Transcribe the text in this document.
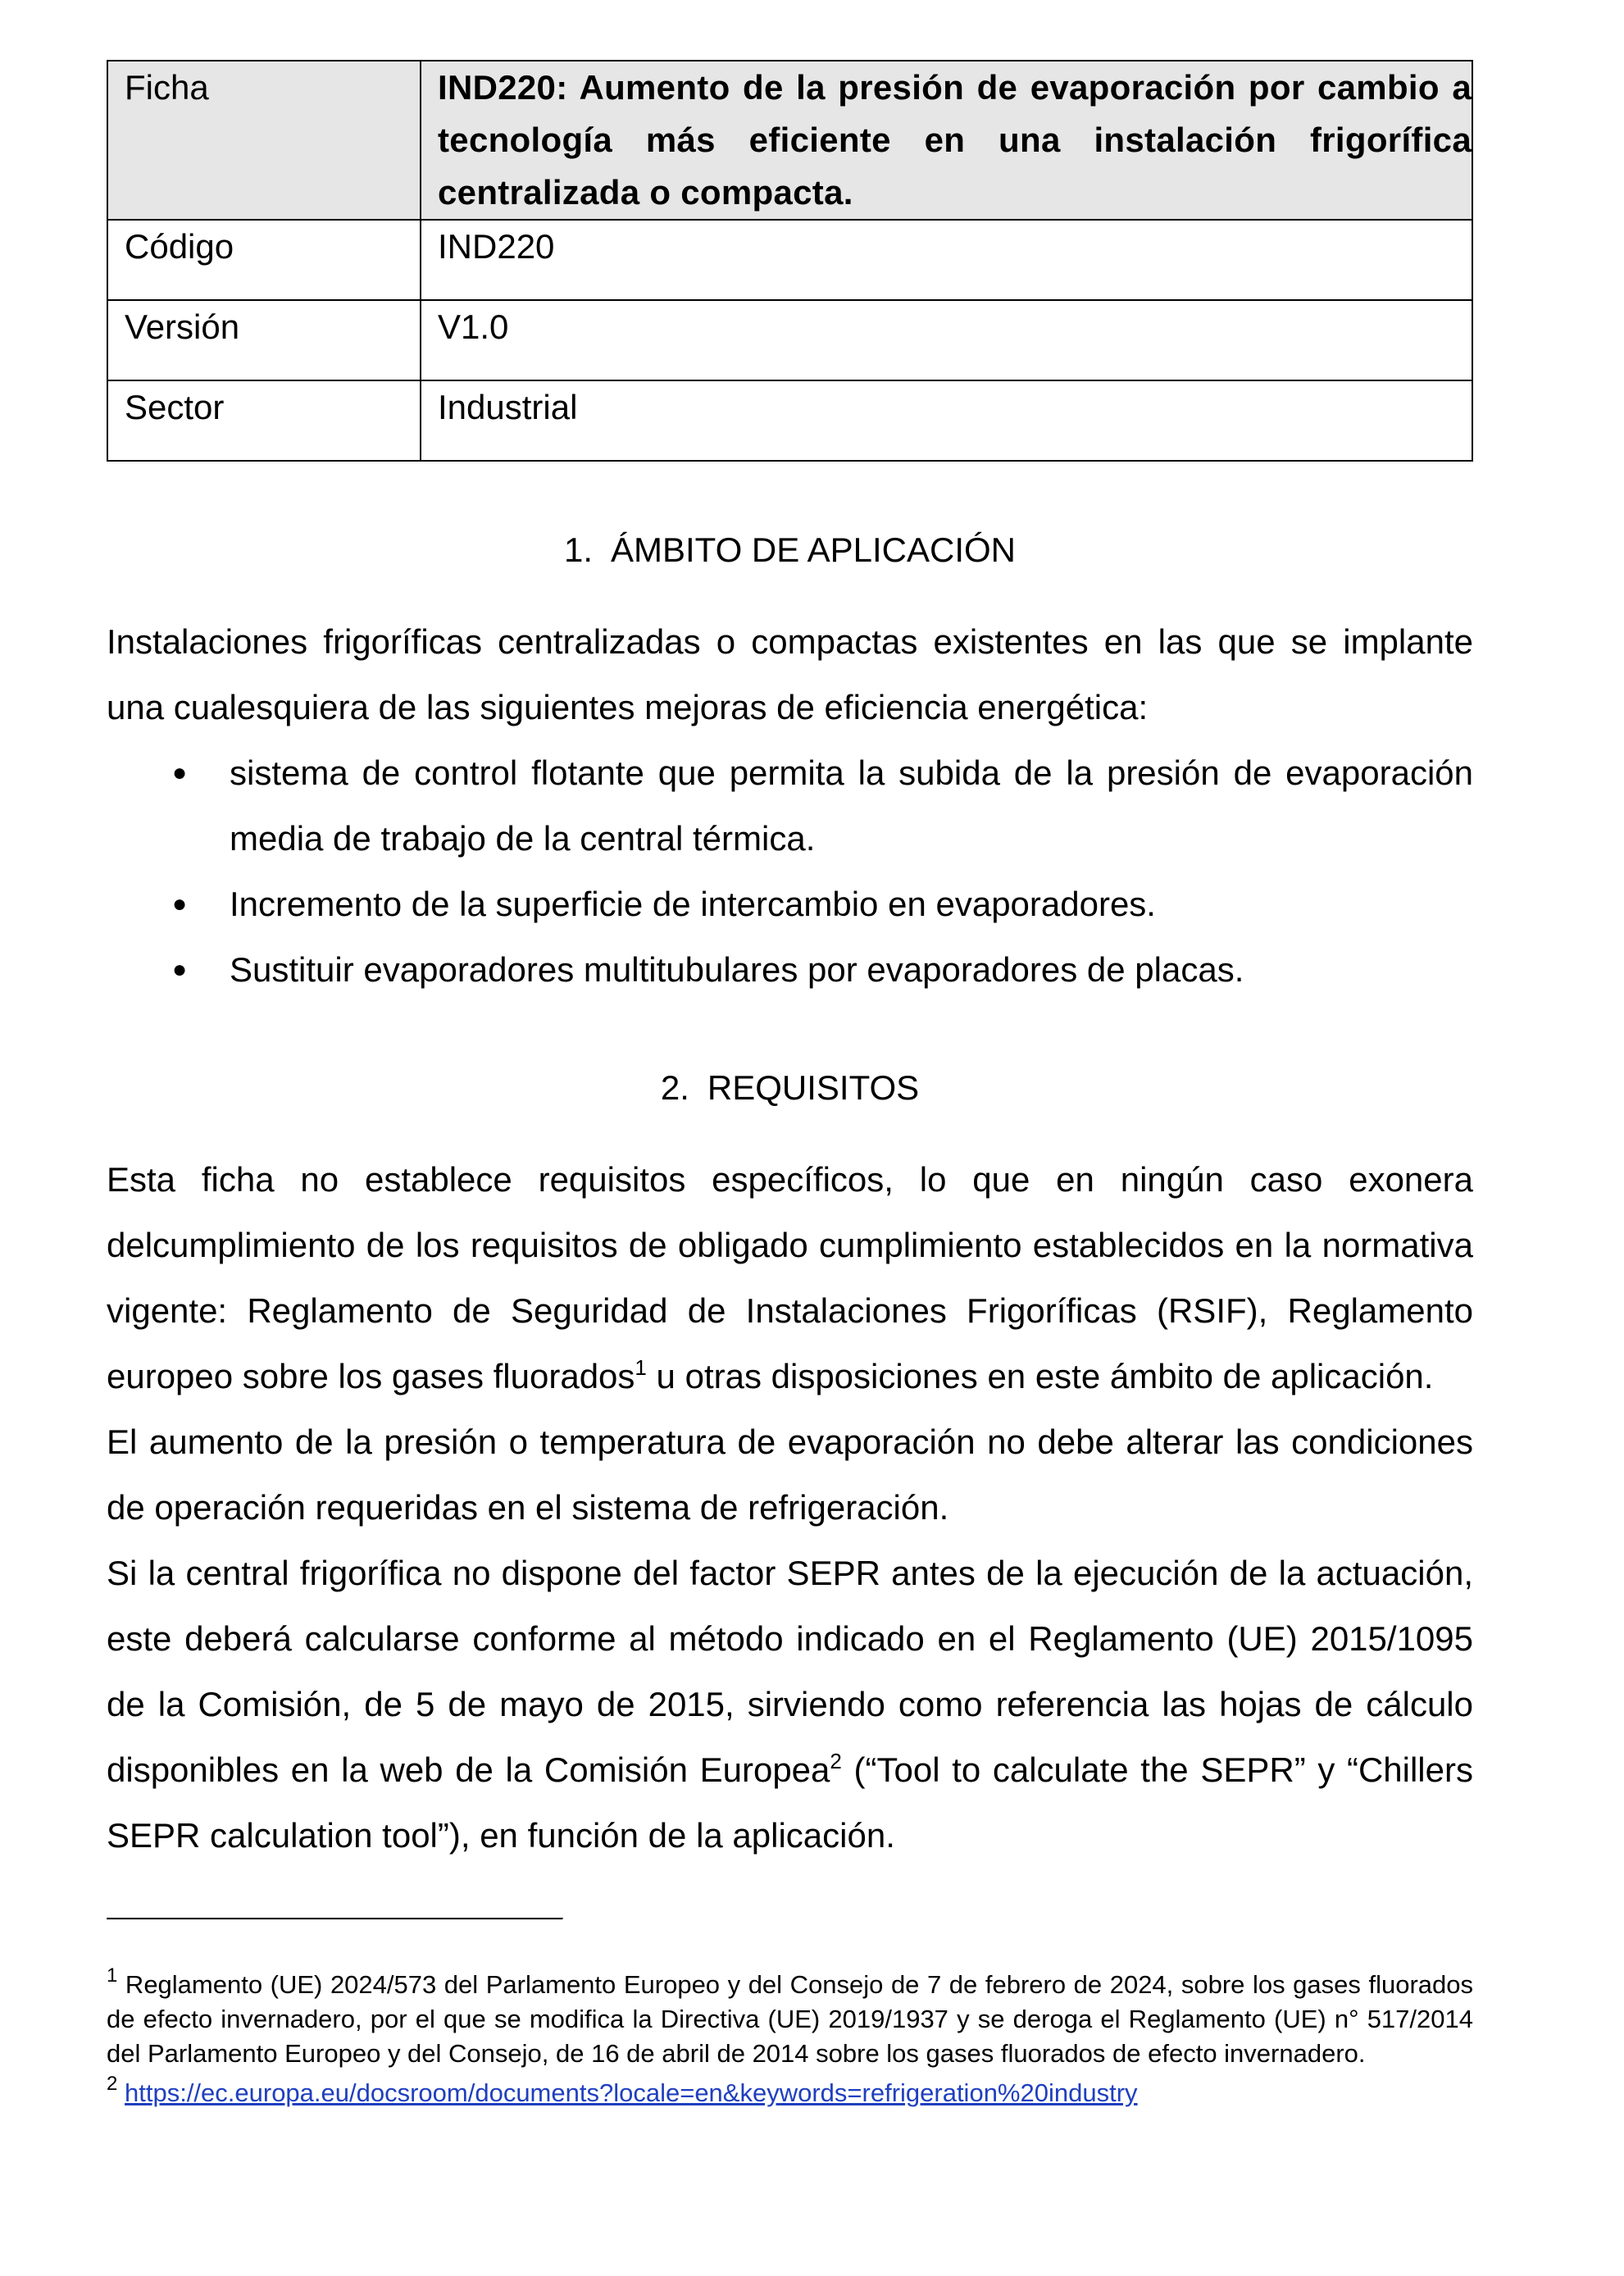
Ficha	IND220: Aumento de la presión de evaporación por cambio a tecnología más eficiente en una instalación frigorífica centralizada o compacta.
Código	IND220
Versión	V1.0
Sector	Industrial
1. ÁMBITO DE APLICACIÓN

Instalaciones frigoríficas centralizadas o compactas existentes en las que se implante una cualesquiera de las siguientes mejoras de eficiencia energética:

● sistema de control flotante que permita la subida de la presión de evaporación media de trabajo de la central térmica.
● Incremento de la superficie de intercambio en evaporadores.
● Sustituir evaporadores multitubulares por evaporadores de placas.
2. REQUISITOS

Esta ficha no establece requisitos específicos, lo que en ningún caso exonera delcumplimiento de los requisitos de obligado cumplimiento establecidos en la normativa vigente: Reglamento de Seguridad de Instalaciones Frigoríficas (RSIF), Reglamento europeo sobre los gases fluorados$^1$ u otras disposiciones en este ámbito de aplicación.

El aumento de la presión o temperatura de evaporación no debe alterar las condiciones de operación requeridas en el sistema de refrigeración.

Si la central frigorífica no dispone del factor SEPR antes de la ejecución de la actuación, este deberá calcularse conforme al método indicado en el Reglamento (UE) 2015/1095 de la Comisión, de 5 de mayo de 2015, sirviendo como referencia las hojas de cálculo disponibles en la web de la Comisión Europea$^2$ (“Tool to calculate the SEPR” y “Chillers SEPR calculation tool”), en función de la aplicación.

$^1$ Reglamento (UE) 2024/573 del Parlamento Europeo y del Consejo de 7 de febrero de 2024, sobre los gases fluorados de efecto invernadero, por el que se modifica la Directiva (UE) 2019/1937 y se deroga el Reglamento (UE) n° 517/2014 del Parlamento Europeo y del Consejo, de 16 de abril de 2014 sobre los gases fluorados de efecto invernadero.

$^2$ https://ec.europa.eu/docsroom/documents?locale=en&keywords=refrigeration%20industry
